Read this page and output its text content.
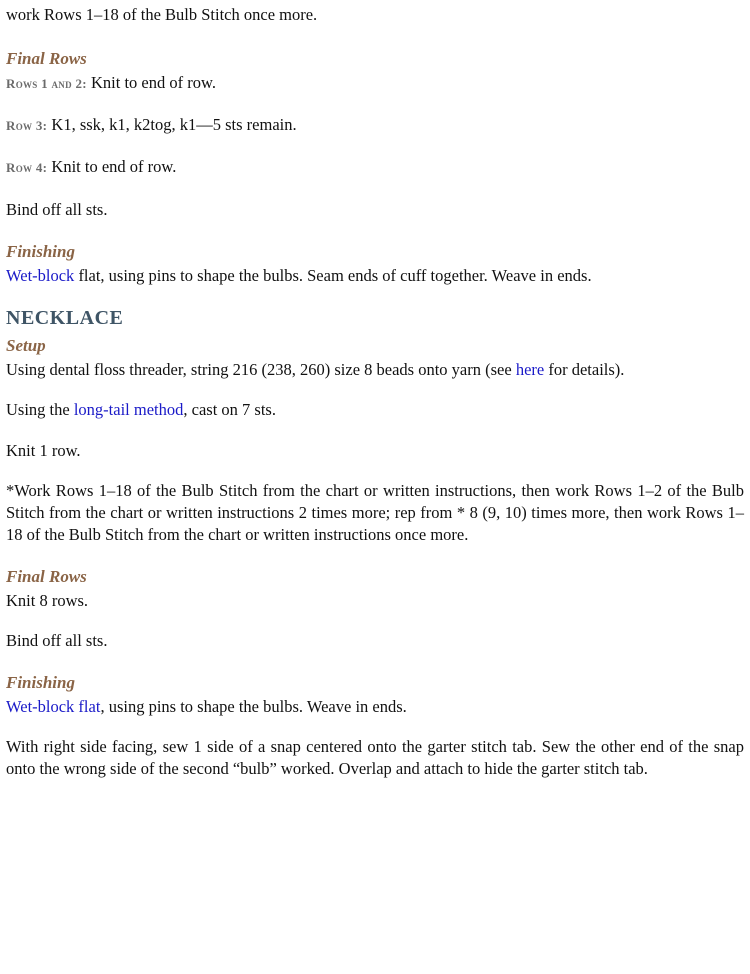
work Rows 1–18 of the Bulb Stitch once more.

Final Rows

Rows 1 and 2: Knit to end of row.

Row 3: K1, ssk, k1, k2tog, k1—5 sts remain.

Row 4: Knit to end of row.

Bind off all sts.

Finishing

Wet-block flat, using pins to shape the bulbs. Seam ends of cuff together. Weave in ends.

NECKLACE

Setup

Using dental floss threader, string 216 (238, 260) size 8 beads onto yarn (see here for details).

Using the long-tail method, cast on 7 sts.

Knit 1 row.

*Work Rows 1–18 of the Bulb Stitch from the chart or written instructions, then work Rows 1–2 of the Bulb Stitch from the chart or written instructions 2 times more; rep from * 8 (9, 10) times more, then work Rows 1–18 of the Bulb Stitch from the chart or written instructions once more.

Final Rows

Knit 8 rows.

Bind off all sts.

Finishing

Wet-block flat, using pins to shape the bulbs. Weave in ends.

With right side facing, sew 1 side of a snap centered onto the garter stitch tab. Sew the other end of the snap onto the wrong side of the second “bulb” worked. Overlap and attach to hide the garter stitch tab.
